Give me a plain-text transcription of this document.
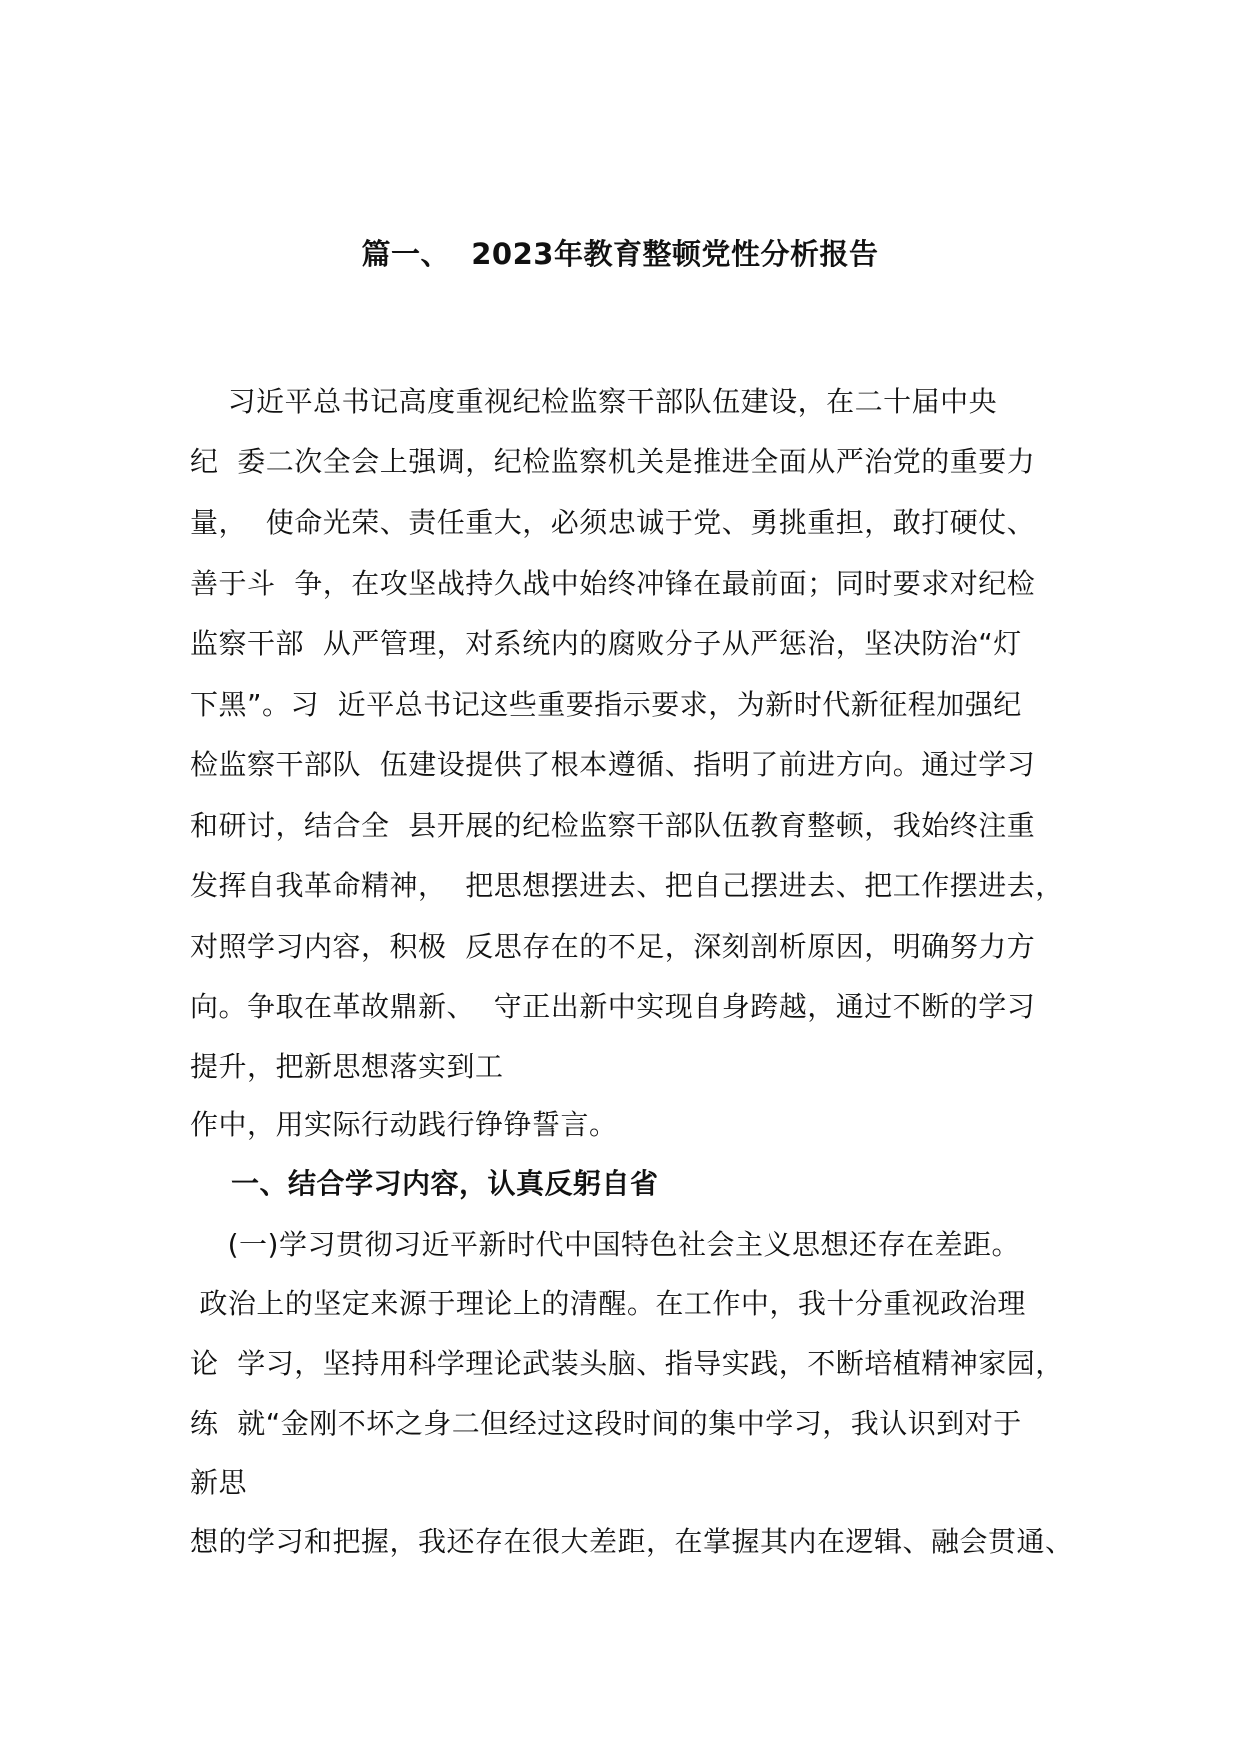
篇一、  2023年教育整顿党性分析报告
习近平总书记高度重视纪检监察干部队伍建设，在二十届中央
纪  委二次全会上强调，纪检监察机关是推进全面从严治党的重要力
量，  使命光荣、责任重大，必须忠诚于党、勇挑重担，敢打硬仗、
善于斗  争，在攻坚战持久战中始终冲锋在最前面；同时要求对纪检
监察干部  从严管理，对系统内的腐败分子从严惩治，坚决防治“灯
下黑”。习  近平总书记这些重要指示要求，为新时代新征程加强纪
检监察干部队  伍建设提供了根本遵循、指明了前进方向。通过学习
和研讨，结合全  县开展的纪检监察干部队伍教育整顿，我始终注重
发挥自我革命精神，  把思想摆进去、把自己摆进去、把工作摆进去，
对照学习内容，积极  反思存在的不足，深刻剖析原因，明确努力方
向。争取在革故鼎新、  守正出新中实现自身跨越，通过不断的学习
提升，把新思想落实到工
作中，用实际行动践行铮铮誓言。
一、结合学习内容，认真反躬自省
(一)学习贯彻习近平新时代中国特色社会主义思想还存在差距。
政治上的坚定来源于理论上的清醒。在工作中，我十分重视政治理
论  学习，坚持用科学理论武装头脑、指导实践，不断培植精神家园，
练  就“金刚不坏之身二但经过这段时间的集中学习，我认识到对于
新思
想的学习和把握，我还存在很大差距，在掌握其内在逻辑、融会贯通、
